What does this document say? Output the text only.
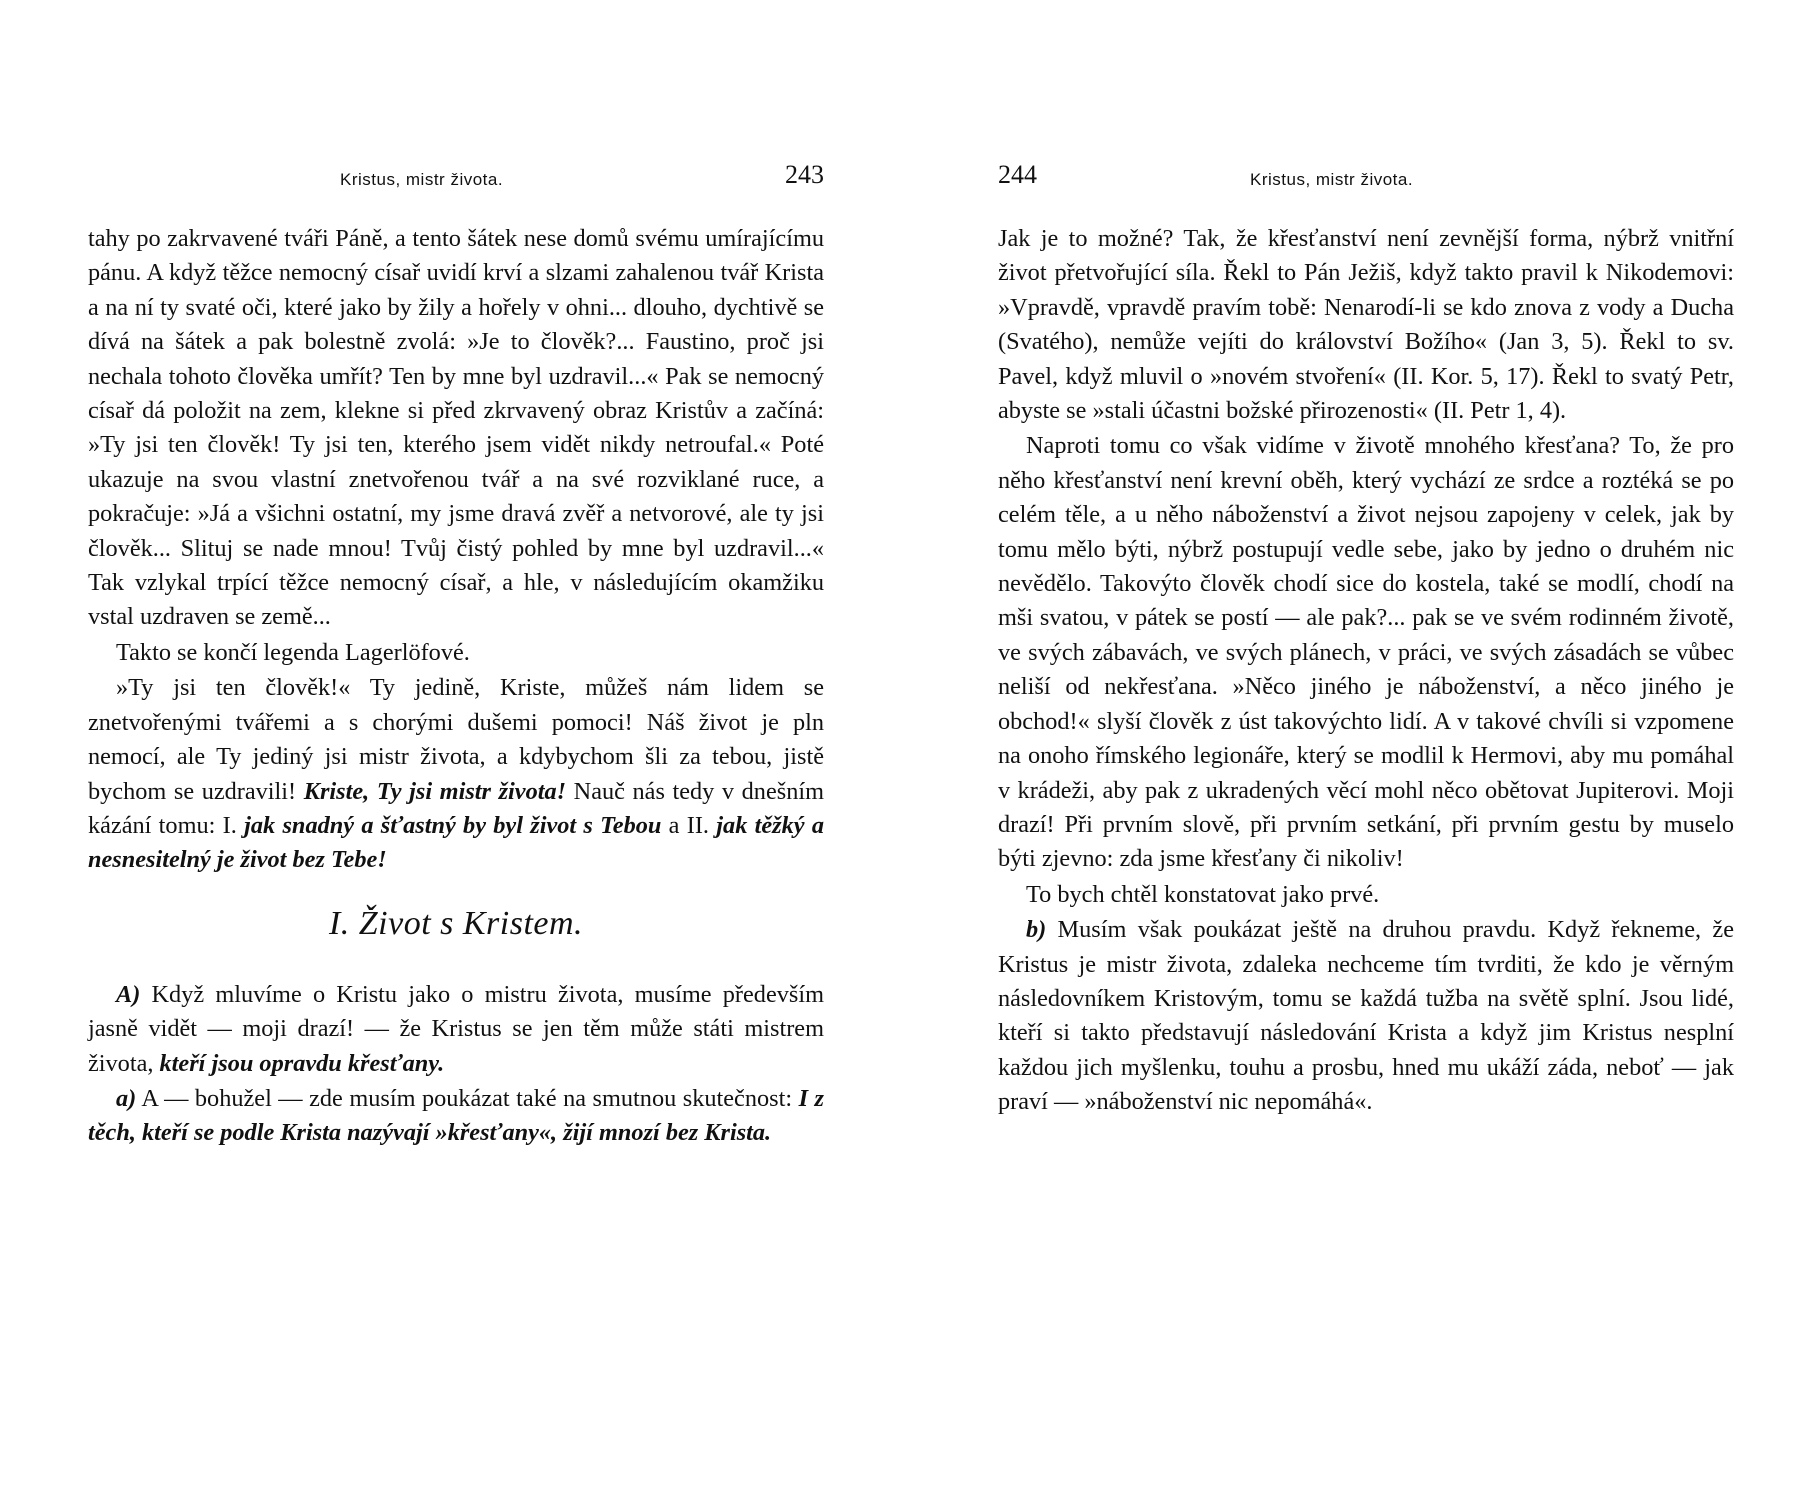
Kristus, mistr života.	243

tahy po zakrvavené tváři Páně, a tento šátek nese domů svému umírajícímu pánu. A když těžce nemocný císař uvidí krví a slzami zahalenou tvář Krista a na ní ty svaté oči, které jako by žily a hořely v ohni... dlouho, dychtivě se dívá na šátek a pak bolestně zvolá: »Je to člověk?... Faustino, proč jsi nechala tohoto člověka umřít? Ten by mne byl uzdravil...« Pak se nemocný císař dá položit na zem, klekne si před zkrvavený obraz Kristův a začíná: »Ty jsi ten člověk! Ty jsi ten, kterého jsem vidět nikdy netroufal.« Poté ukazuje na svou vlastní znetvořenou tvář a na své rozviklané ruce, a pokračuje: »Já a všichni ostatní, my jsme dravá zvěř a netvorové, ale ty jsi člověk... Slituj se nade mnou! Tvůj čistý pohled by mne byl uzdravil...« Tak vzlykal trpící těžce nemocný císař, a hle, v následujícím okamžiku vstal uzdraven se země...

Takto se končí legenda Lagerlöfové.

»Ty jsi ten člověk!« Ty jedině, Kriste, můžeš nám lidem se znetvořenými tvářemi a s chorými dušemi pomoci! Náš život je pln nemocí, ale Ty jediný jsi mistr života, a kdybychom šli za tebou, jistě bychom se uzdravili! Kriste, Ty jsi mistr života! Nauč nás tedy v dnešním kázání tomu: I. jak snadný a šťastný by byl život s Tebou a II. jak těžký a nesnesitelný je život bez Tebe!

I. Život s Kristem.

A) Když mluvíme o Kristu jako o mistru života, musíme především jasně vidět — moji drazí! — že Kristus se jen těm může státi mistrem života, kteří jsou opravdu křesťany.

a) A — bohužel — zde musím poukázat také na smutnou skutečnost: I z těch, kteří se podle Krista nazývají »křesťany«, žijí mnozí bez Krista.

244	Kristus, mistr života.

Jak je to možné? Tak, že křesťanství není zevnější forma, nýbrž vnitřní život přetvořující síla. Řekl to Pán Ježiš, když takto pravil k Nikodemovi: »Vpravdě, vpravdě pravím tobě: Nenarodí-li se kdo znova z vody a Ducha (Svatého), nemůže vejíti do království Božího« (Jan 3, 5). Řekl to sv. Pavel, když mluvil o »novém stvoření« (II. Kor. 5, 17). Řekl to svatý Petr, abyste se »stali účastni božské přirozenosti« (II. Petr 1, 4).

Naproti tomu co však vidíme v životě mnohého křesťana? To, že pro něho křesťanství není krevní oběh, který vychází ze srdce a roztéká se po celém těle, a u něho náboženství a život nejsou zapojeny v celek, jak by tomu mělo býti, nýbrž postupují vedle sebe, jako by jedno o druhém nic nevědělo. Takovýto člověk chodí sice do kostela, také se modlí, chodí na mši svatou, v pátek se postí — ale pak?... pak se ve svém rodinném životě, ve svých zábavách, ve svých plánech, v práci, ve svých zásadách se vůbec neliší od nekřesťana. »Něco jiného je náboženství, a něco jiného je obchod!« slyší člověk z úst takovýchto lidí. A v takové chvíli si vzpomene na onoho římského legionáře, který se modlil k Hermovi, aby mu pomáhal v krádeži, aby pak z ukradených věcí mohl něco obětovat Jupiterovi. Moji drazí! Při prvním slově, při prvním setkání, při prvním gestu by muselo býti zjevno: zda jsme křesťany či nikoliv!

To bych chtěl konstatovat jako prvé.

b) Musím však poukázat ještě na druhou pravdu. Když řekneme, že Kristus je mistr života, zdaleka nechceme tím tvrditi, že kdo je věrným následovníkem Kristovým, tomu se každá tužba na světě splní. Jsou lidé, kteří si takto představují následování Krista a když jim Kristus nesplní každou jich myšlenku, touhu a prosbu, hned mu ukáží záda, neboť — jak praví — »náboženství nic nepomáhá«.
